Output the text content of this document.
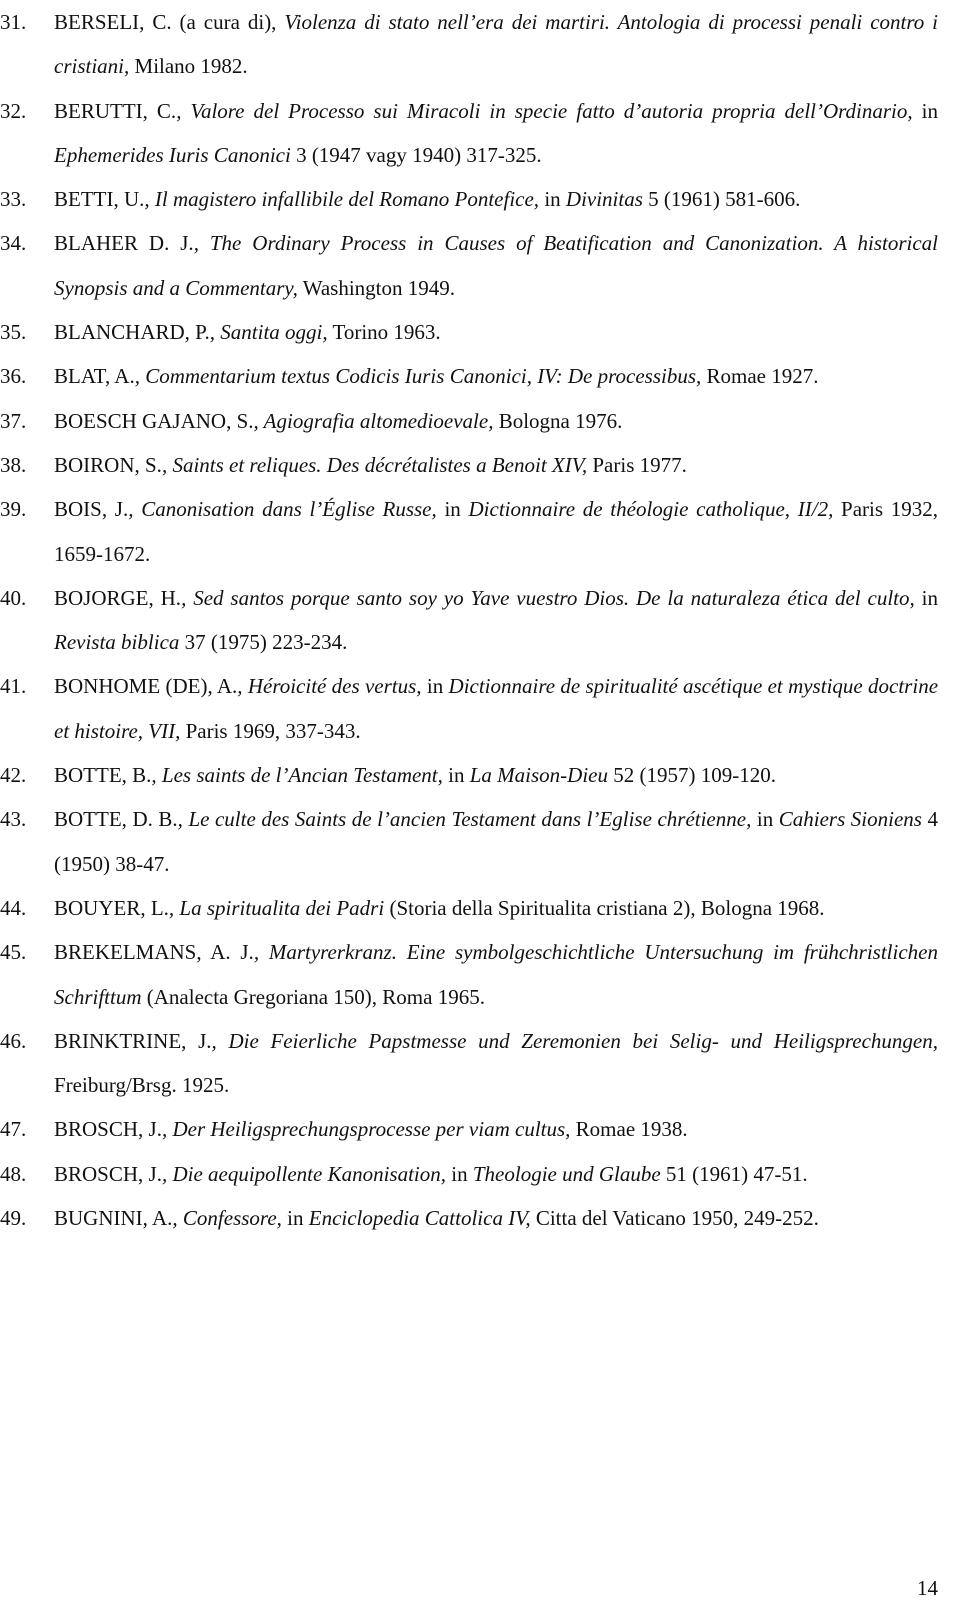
31. BERSELI, C. (a cura di), Violenza di stato nell’era dei martiri. Antologia di processi penali contro i cristiani, Milano 1982.
32. BERUTTI, C., Valore del Processo sui Miracoli in specie fatto d’autoria propria dell’Ordinario, in Ephemerides Iuris Canonici 3 (1947 vagy 1940) 317-325.
33. BETTI, U., Il magistero infallibile del Romano Pontefice, in Divinitas 5 (1961) 581-606.
34. BLAHER D. J., The Ordinary Process in Causes of Beatification and Canonization. A historical Synopsis and a Commentary, Washington 1949.
35. BLANCHARD, P., Santita oggi, Torino 1963.
36. BLAT, A., Commentarium textus Codicis Iuris Canonici, IV: De processibus, Romae 1927.
37. BOESCH GAJANO, S., Agiografia altomedioevale, Bologna 1976.
38. BOIRON, S., Saints et reliques. Des décrétalistes a Benoit XIV, Paris 1977.
39. BOIS, J., Canonisation dans l’Église Russe, in Dictionnaire de théologie catholique, II/2, Paris 1932, 1659-1672.
40. BOJORGE, H., Sed santos porque santo soy yo Yave vuestro Dios. De la naturaleza ética del culto, in Revista biblica 37 (1975) 223-234.
41. BONHOME (DE), A., Héroicité des vertus, in Dictionnaire de spiritualité ascétique et mystique doctrine et histoire, VII, Paris 1969, 337-343.
42. BOTTE, B., Les saints de l’Ancian Testament, in La Maison-Dieu 52 (1957) 109-120.
43. BOTTE, D. B., Le culte des Saints de l’ancien Testament dans l’Eglise chrétienne, in Cahiers Sioniens 4 (1950) 38-47.
44. BOUYER, L., La spiritualita dei Padri (Storia della Spiritualita cristiana 2), Bologna 1968.
45. BREKELMANS, A. J., Martyrerkranz. Eine symbolgeschichtliche Untersuchung im frühchristlichen Schrifttum (Analecta Gregoriana 150), Roma 1965.
46. BRINKTRINE, J., Die Feierliche Papstmesse und Zeremonien bei Selig- und Heiligsprechungen, Freiburg/Brsg. 1925.
47. BROSCH, J., Der Heiligsprechungsprocesse per viam cultus, Romae 1938.
48. BROSCH, J., Die aequipollente Kanonisation, in Theologie und Glaube 51 (1961) 47-51.
49. BUGNINI, A., Confessore, in Enciclopedia Cattolica IV, Citta del Vaticano 1950, 249-252.
14
